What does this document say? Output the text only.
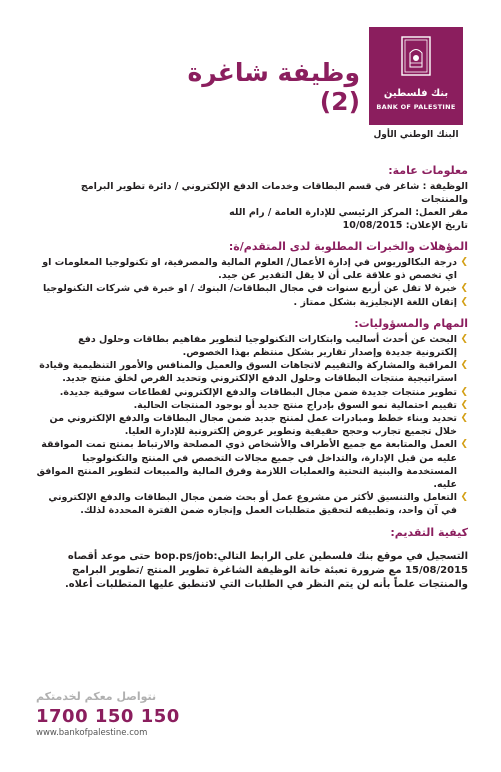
بنك فلسطين
BANK OF PALESTINE
البنك الوطني الأول
وظيفة شاغرة (2)
معلومات عامة:

الوظيفة : شاغر في قسم البطاقات وخدمات الدفع الإلكتروني / دائرة تطوير البرامج والمنتجات

مقر العمل: المركز الرئيسي للإدارة العامة / رام الله

تاريخ الإعلان: 10/08/2015

المؤهلات والخبرات المطلوبة لدى المتقدم/ة:
❯
درجة البكالوريوس في إدارة الأعمال/ العلوم المالية والمصرفية، او تكنولوجيا المعلومات او اي تخصص ذو علاقة على أن لا يقل التقدير عن جيد.
❯
خبرة لا تقل عن أربع سنوات في مجال البطاقات/ البنوك / او خبرة في شركات التكنولوجيا
❯
إتقان اللغة الإنجليزية بشكل ممتاز .
المهام والمسؤوليات:
❯
البحث عن أحدث أساليب وابتكارات التكنولوجيا لتطوير مفاهيم بطاقات وحلول دفع إلكترونية جديدة وإصدار تقارير بشكل منتظم بهذا الخصوص.
❯
المراقبة والمشاركة والتقييم لاتجاهات السوق والعميل والمنافس والأمور التنظيمية وقيادة استراتيجية منتجات البطاقات وحلول الدفع الإلكتروني وتحديد الفرص لخلق منتج جديد.
❯
تطوير منتجات جديدة ضمن مجال البطاقات والدفع الإلكتروني لقطاعات سوقية جديدة.
❯
تقييم احتمالية نمو السوق بإدراج منتج جديد أو بوجود المنتجات الحالية.
❯
تحديد وبناء خطط ومبادرات عمل لمنتج جديد ضمن مجال البطاقات والدفع الإلكتروني من خلال تجميع تجارب وحجج حقيقية وتطوير عروض إلكترونية للإدارة العليا.
❯
العمل والمتابعة مع جميع الأطراف والأشخاص ذوي المصلحة والارتباط بمنتج تمت الموافقة عليه من قبل الإدارة، والتداخل في جميع مجالات التخصص في المنتج والتكنولوجيا المستخدمة والبنية التحتية والعمليات اللازمة وفرق المالية والمبيعات لتطوير المنتج الموافق عليه.
❯
التعامل والتنسيق لأكثر من مشروع عمل أو بحث ضمن مجال البطاقات والدفع الإلكتروني في آن واحد، وتطبيقه لتحقيق متطلبات العمل وإنجازه ضمن الفترة المحددة لذلك.
كيفية التقديم:

التسجيل في موقع بنك فلسطين على الرابط التالي:bop.ps/job حتى موعد أقصاه 15/08/2015 مع ضرورة تعبئة خانة الوظيفة الشاغرة تطوير المنتج /تطوير البرامج والمنتجات علماً بأنه لن يتم النظر في الطلبات التي لاتنطبق عليها المتطلبات أعلاه.

نتواصل معكم لخدمتكم
1700 150 150
www.bankofpalestine.com
